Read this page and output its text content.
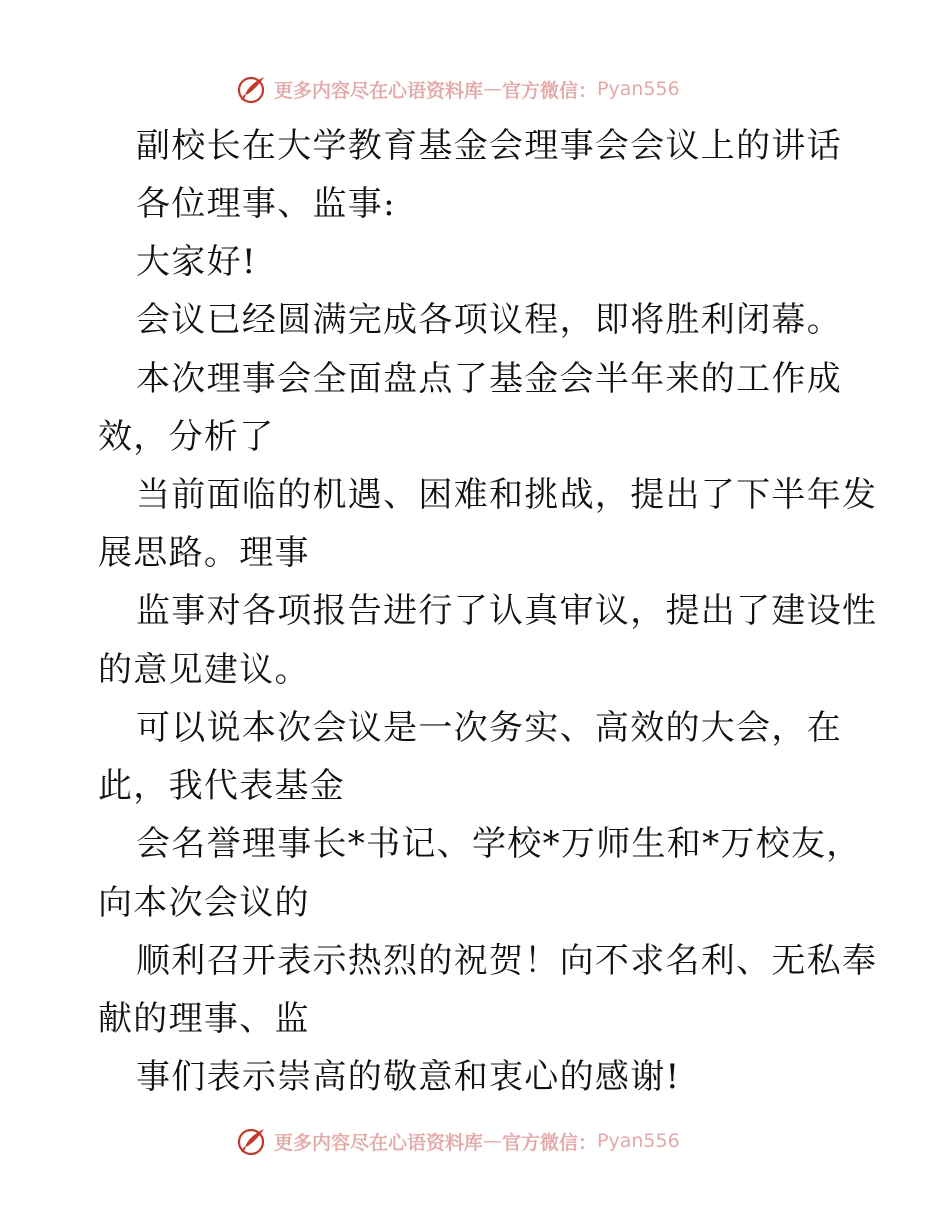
更多内容尽在心语资料库 — 官方微信： Pyan556
副校长在大学教育基金会理事会会议上的讲话
各位理事、监事:
大家好!
会议已经圆满完成各项议程，即将胜利闭幕。
本次理事会全面盘点了基金会半年来的工作成
效，分析了
当前面临的机遇、困难和挑战，提出了下半年发
展思路。理事
监事对各项报告进行了认真审议，提出了建设性
的意见建议。
可以说本次会议是一次务实、高效的大会，在
此，我代表基金
会名誉理事长*书记、学校*万师生和*万校友，
向本次会议的
顺利召开表示热烈的祝贺！向不求名利、无私奉
献的理事、监
事们表示崇高的敬意和衷心的感谢!
更多内容尽在心语资料库 — 官方微信： Pyan556
